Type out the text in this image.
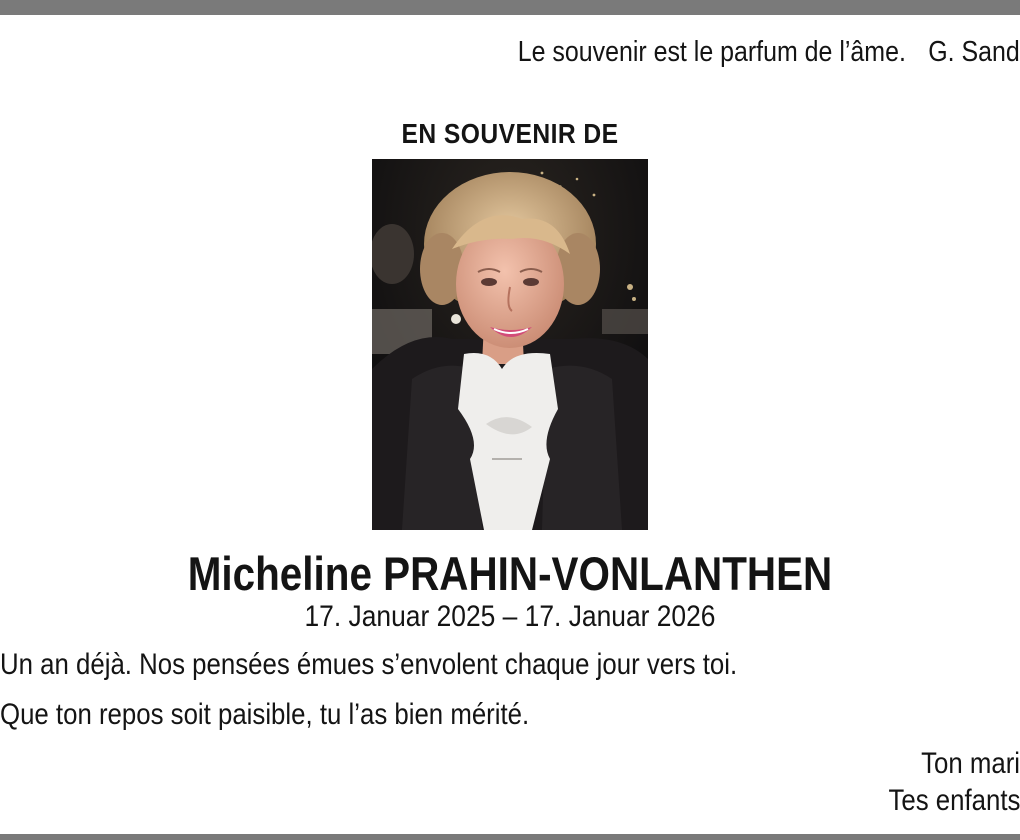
Le souvenir est le parfum de l’âme. G. Sand
EN SOUVENIR DE
Micheline PRAHIN-VONLANTHEN
17. Januar 2025 – 17. Januar 2026
Un an déjà. Nos pensées émues s’envolent chaque jour vers toi.
Que ton repos soit paisible, tu l’as bien mérité.
Ton mari
Tes enfants
